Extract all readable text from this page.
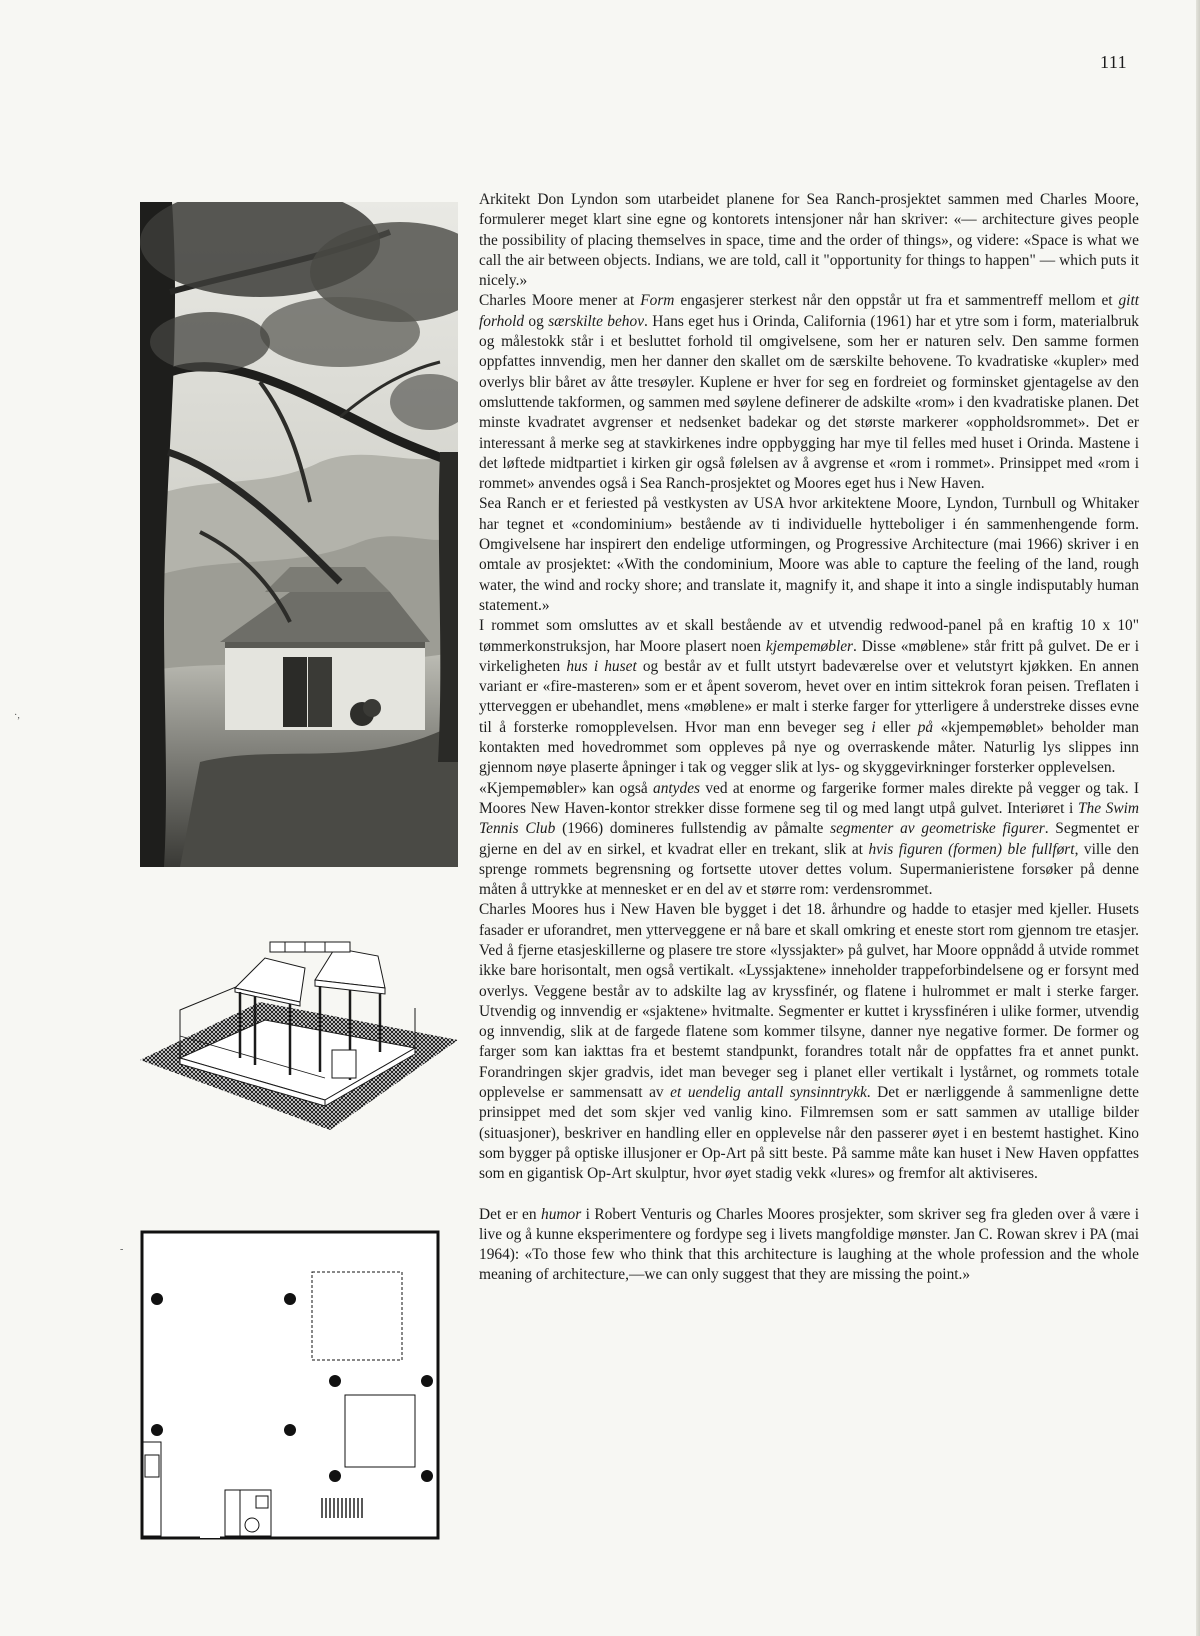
111
·,
-

Arkitekt Don Lyndon som utarbeidet planene for Sea Ranch-prosjektet sammen med Charles Moore, formulerer meget klart sine egne og kontorets intensjoner når han skriver: «— architecture gives people the possibility of placing themselves in space, time and the order of things», og videre: «Space is what we call the air between objects. Indians, we are told, call it "opportunity for things to happen" — which puts it nicely.»

Charles Moore mener at Form engasjerer sterkest når den oppstår ut fra et sammentreff mellom et gitt forhold og særskilte behov. Hans eget hus i Orinda, California (1961) har et ytre som i form, materialbruk og målestokk står i et besluttet forhold til omgivelsene, som her er naturen selv. Den samme formen oppfattes innvendig, men her danner den skallet om de særskilte behovene. To kvadratiske «kupler» med overlys blir båret av åtte tresøyler. Kuplene er hver for seg en fordreiet og forminsket gjentagelse av den omsluttende takformen, og sammen med søylene definerer de adskilte «rom» i den kvadratiske planen. Det minste kvadratet avgrenser et nedsenket badekar og det største markerer «oppholdsrommet». Det er interessant å merke seg at stavkirkenes indre oppbygging har mye til felles med huset i Orinda. Mastene i det løftede midtpartiet i kirken gir også følelsen av å avgrense et «rom i rommet». Prinsippet med «rom i rommet» anvendes også i Sea Ranch-prosjektet og Moores eget hus i New Haven.

Sea Ranch er et feriested på vestkysten av USA hvor arkitektene Moore, Lyndon, Turnbull og Whitaker har tegnet et «condominium» bestående av ti individuelle hytteboliger i én sammenhengende form. Omgivelsene har inspirert den endelige utformingen, og Progressive Architecture (mai 1966) skriver i en omtale av prosjektet: «With the condominium, Moore was able to capture the feeling of the land, rough water, the wind and rocky shore; and translate it, magnify it, and shape it into a single indisputably human statement.»

I rommet som omsluttes av et skall bestående av et utvendig redwood-panel på en kraftig 10 x 10" tømmerkonstruksjon, har Moore plasert noen kjempemøbler. Disse «møblene» står fritt på gulvet. De er i virkeligheten hus i huset og består av et fullt utstyrt badeværelse over et velutstyrt kjøkken. En annen variant er «fire-masteren» som er et åpent soverom, hevet over en intim sittekrok foran peisen. Treflaten i ytterveggen er ubehandlet, mens «møblene» er malt i sterke farger for ytterligere å understreke disses evne til å forsterke romopplevelsen. Hvor man enn beveger seg i eller på «kjempemøblet» beholder man kontakten med hovedrommet som oppleves på nye og overraskende måter. Naturlig lys slippes inn gjennom nøye plaserte åpninger i tak og vegger slik at lys- og skyggevirkninger forsterker opplevelsen.

«Kjempemøbler» kan også antydes ved at enorme og fargerike former males direkte på vegger og tak. I Moores New Haven-kontor strekker disse formene seg til og med langt utpå gulvet. Interiøret i The Swim Tennis Club (1966) domineres fullstendig av påmalte segmenter av geometriske figurer. Segmentet er gjerne en del av en sirkel, et kvadrat eller en trekant, slik at hvis figuren (formen) ble fullført, ville den sprenge rommets begrensning og fortsette utover dettes volum. Supermanieristene forsøker på denne måten å uttrykke at mennesket er en del av et større rom: verdensrommet.

Charles Moores hus i New Haven ble bygget i det 18. århundre og hadde to etasjer med kjeller. Husets fasader er uforandret, men ytterveggene er nå bare et skall omkring et eneste stort rom gjennom tre etasjer. Ved å fjerne etasjeskillerne og plasere tre store «lyssjakter» på gulvet, har Moore oppnådd å utvide rommet ikke bare horisontalt, men også vertikalt. «Lyssjaktene» inneholder trappeforbindelsene og er forsynt med overlys. Veggene består av to adskilte lag av kryssfinér, og flatene i hulrommet er malt i sterke farger. Utvendig og innvendig er «sjaktene» hvitmalte. Segmenter er kuttet i kryssfinéren i ulike former, utvendig og innvendig, slik at de fargede flatene som kommer tilsyne, danner nye negative former. De former og farger som kan iakttas fra et bestemt standpunkt, forandres totalt når de oppfattes fra et annet punkt. Forandringen skjer gradvis, idet man beveger seg i planet eller vertikalt i lystårnet, og rommets totale opplevelse er sammensatt av et uendelig antall synsinntrykk. Det er nærliggende å sammenligne dette prinsippet med det som skjer ved vanlig kino. Filmremsen som er satt sammen av utallige bilder (situasjoner), beskriver en handling eller en opplevelse når den passerer øyet i en bestemt hastighet. Kino som bygger på optiske illusjoner er Op-Art på sitt beste. På samme måte kan huset i New Haven oppfattes som en gigantisk Op-Art skulptur, hvor øyet stadig vekk «lures» og fremfor alt aktiviseres.

Det er en humor i Robert Venturis og Charles Moores prosjekter, som skriver seg fra gleden over å være i live og å kunne eksperimentere og fordype seg i livets mangfoldige mønster. Jan C. Rowan skrev i PA (mai 1964): «To those few who think that this architecture is laughing at the whole profession and the whole meaning of architecture,—we can only suggest that they are missing the point.»
